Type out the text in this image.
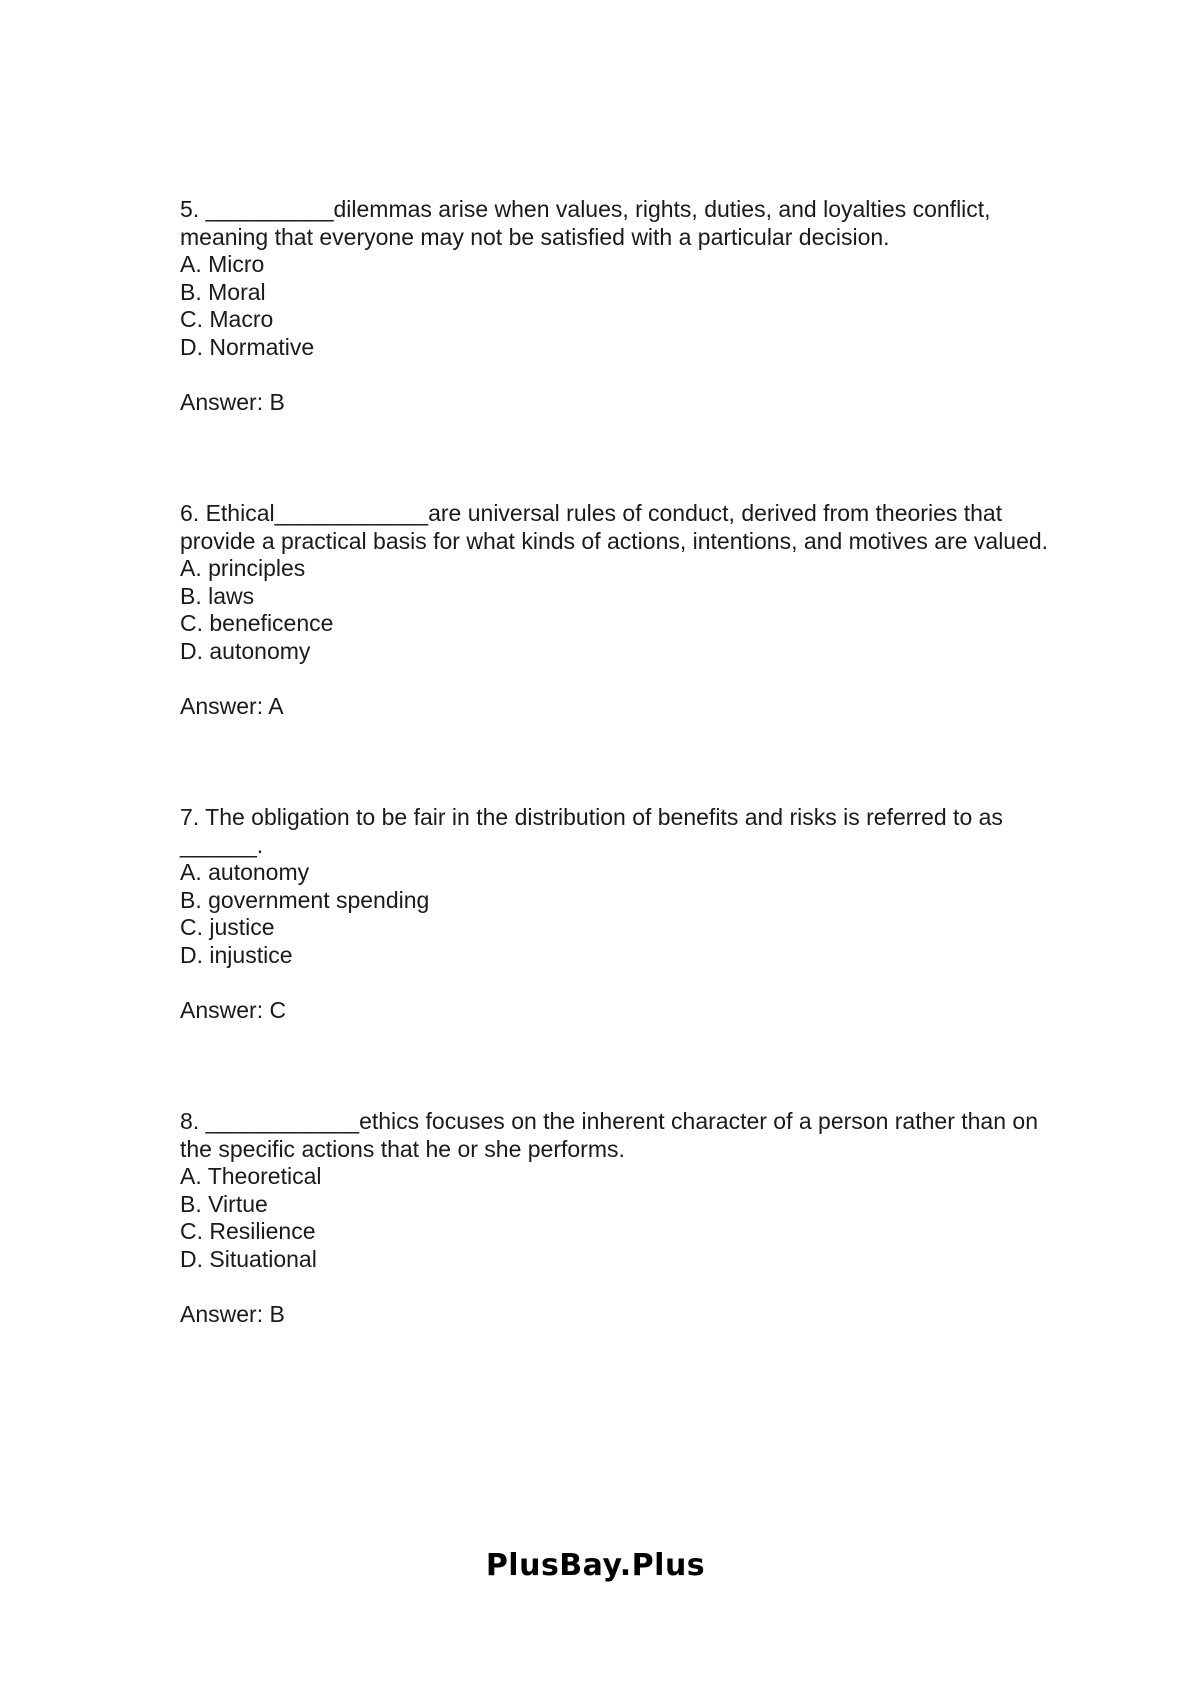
5. __________dilemmas arise when values, rights, duties, and loyalties conflict, meaning that everyone may not be satisfied with a particular decision.

A. Micro
B. Moral
C. Macro
D. Normative
Answer: B

6. Ethical____________are universal rules of conduct, derived from theories that provide a practical basis for what kinds of actions, intentions, and motives are valued.

A. principles
B. laws
C. beneficence
D. autonomy
Answer: A

7. The obligation to be fair in the distribution of benefits and risks is referred to as ______.

A. autonomy
B. government spending
C. justice
D. injustice
Answer: C

8. ____________ethics focuses on the inherent character of a person rather than on the specific actions that he or she performs.

A. Theoretical
B. Virtue
C. Resilience
D. Situational
Answer: B
PlusBay.Plus
